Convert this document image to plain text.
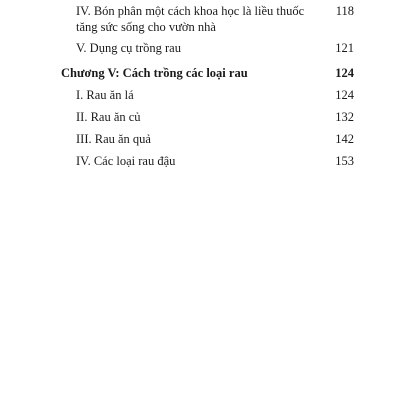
IV. Bón phân một cách khoa học là liều thuốc
tăng sức sống cho vườn nhà
118
V. Dụng cụ trồng rau	121
Chương V: Cách trồng các loại rau	124
I. Rau ăn lá	124
II. Rau ăn củ	132
III. Rau ăn quả	142
IV. Các loại rau đậu	153
